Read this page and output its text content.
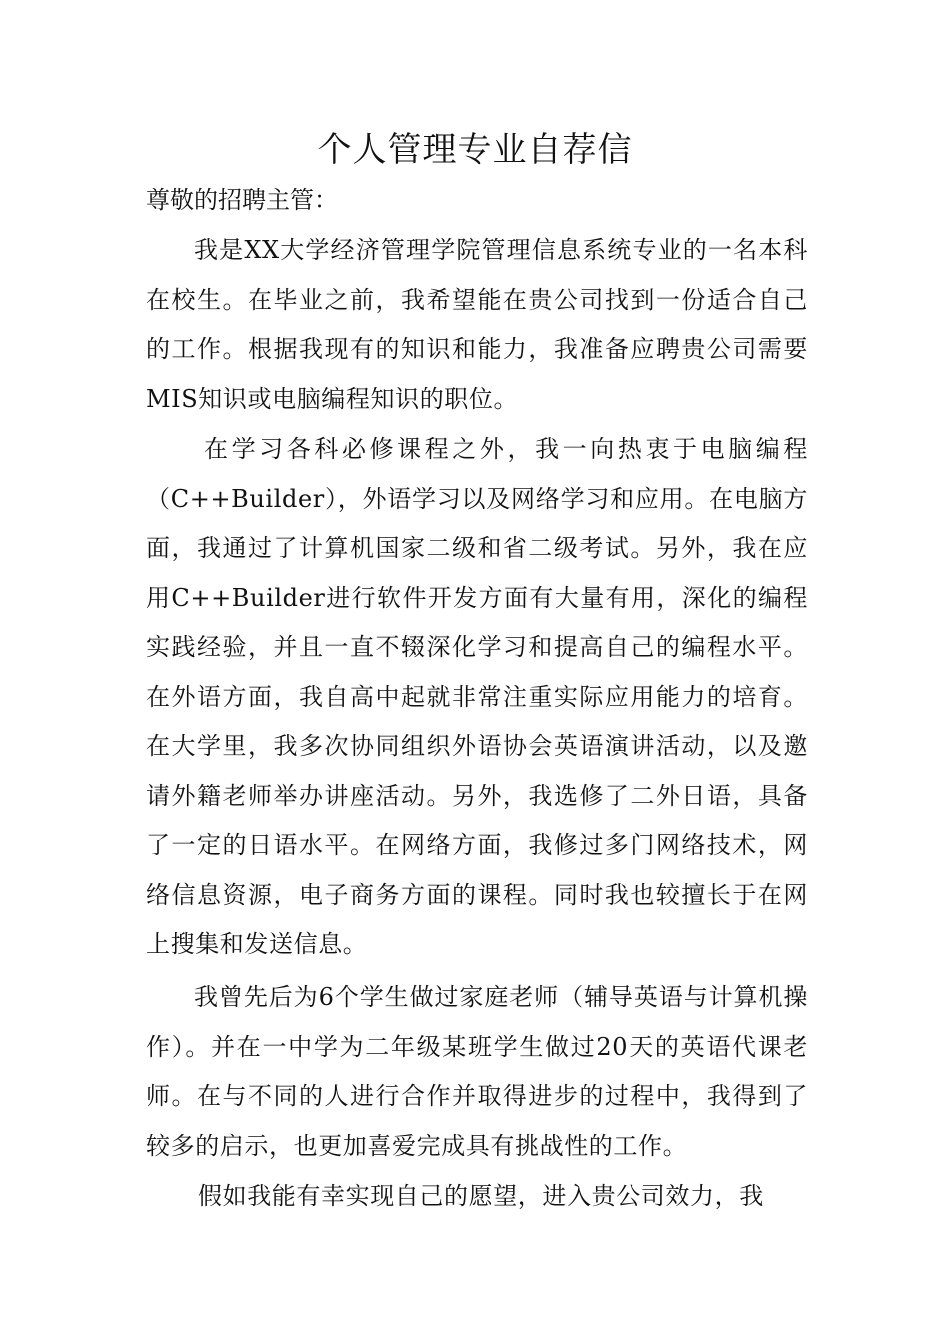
个人管理专业自荐信
尊敬的招聘主管：

我是XX大学经济管理学院管理信息系统专业的一名本科在校生。在毕业之前，我希望能在贵公司找到一份适合自己的工作。根据我现有的知识和能力，我准备应聘贵公司需要MIS知识或电脑编程知识的职位。

在学习各科必修课程之外，我一向热衷于电脑编程（C++Builder），外语学习以及网络学习和应用。在电脑方面，我通过了计算机国家二级和省二级考试。另外，我在应用C++Builder进行软件开发方面有大量有用，深化的编程实践经验，并且一直不辍深化学习和提高自己的编程水平。在外语方面，我自高中起就非常注重实际应用能力的培育。在大学里，我多次协同组织外语协会英语演讲活动，以及邀请外籍老师举办讲座活动。另外，我选修了二外日语，具备了一定的日语水平。在网络方面，我修过多门网络技术，网络信息资源，电子商务方面的课程。同时我也较擅长于在网上搜集和发送信息。

我曾先后为6个学生做过家庭老师（辅导英语与计算机操作）。并在一中学为二年级某班学生做过20天的英语代课老师。在与不同的人进行合作并取得进步的过程中，我得到了较多的启示，也更加喜爱完成具有挑战性的工作。

假如我能有幸实现自己的愿望，进入贵公司效力，我
